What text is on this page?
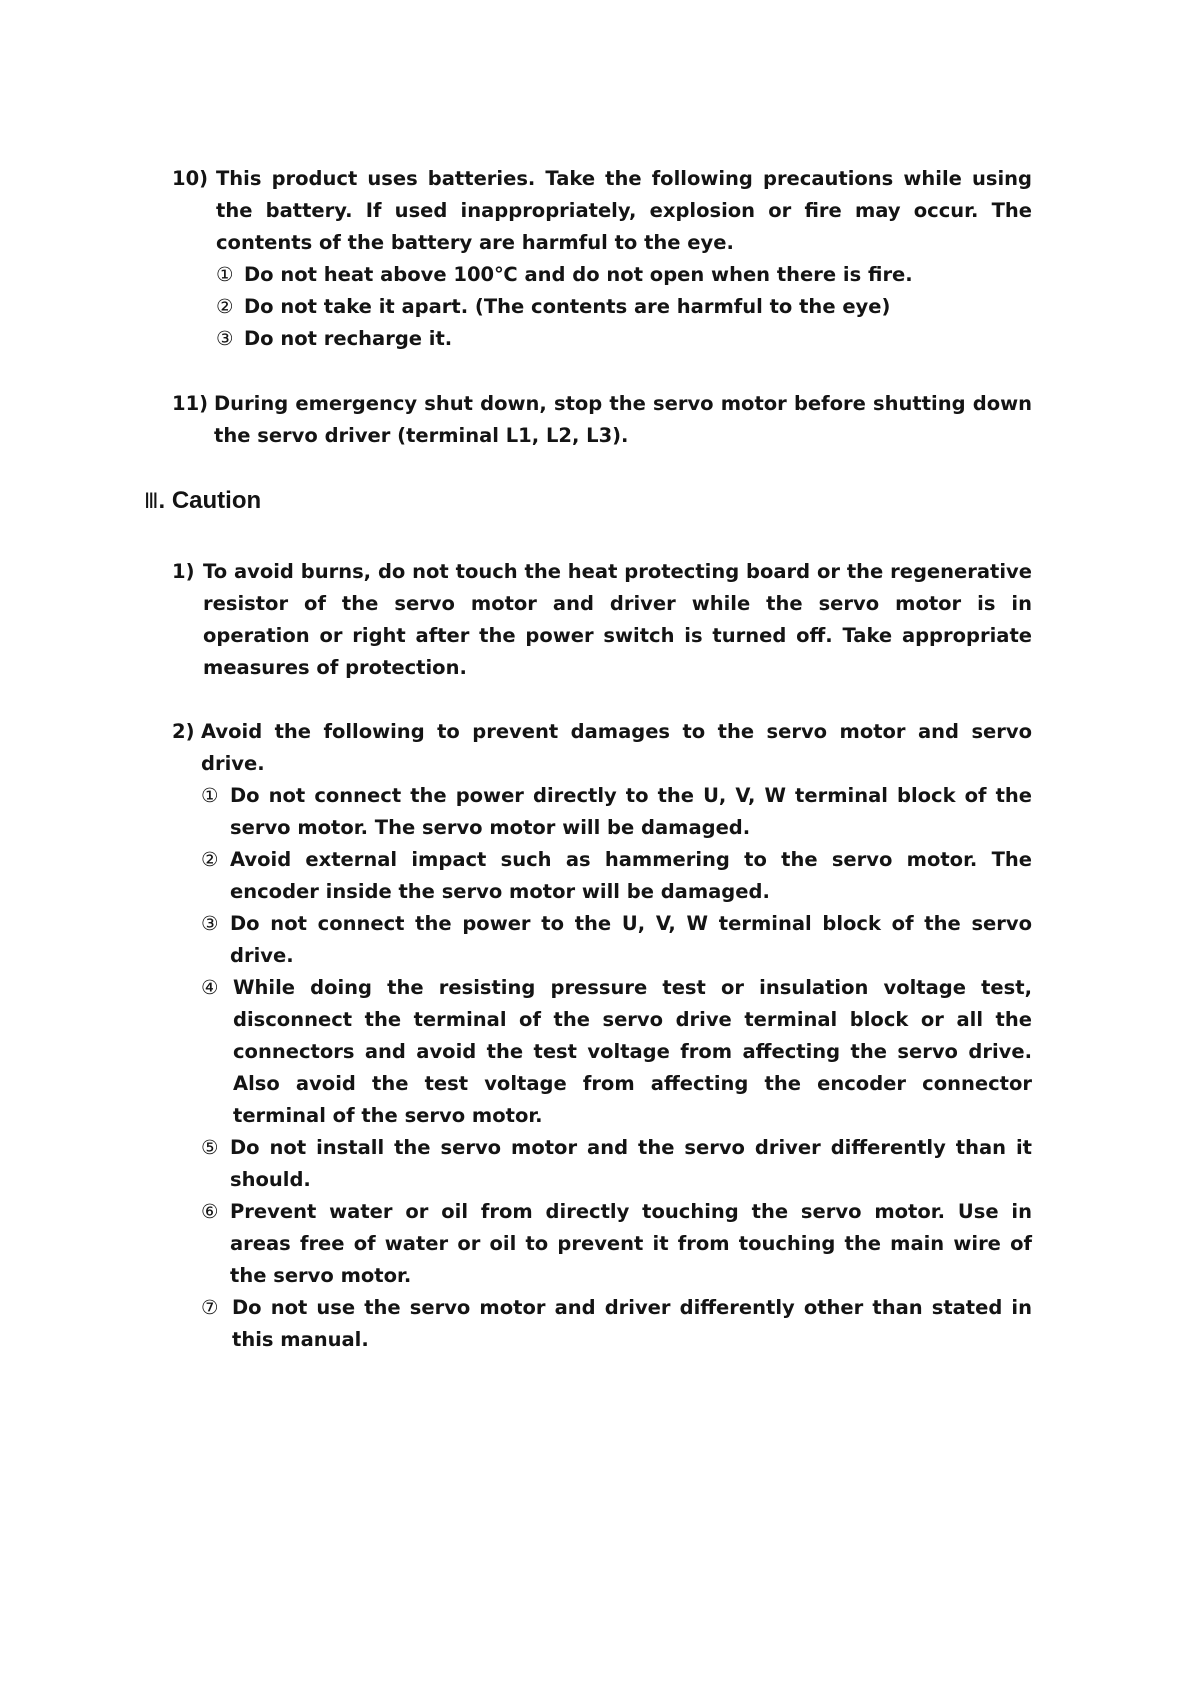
10) This product uses batteries. Take the following precautions while using the battery. If used inappropriately, explosion or fire may occur. The contents of the battery are harmful to the eye.
① Do not heat above 100℃ and do not open when there is fire.
② Do not take it apart. (The contents are harmful to the eye)
③ Do not recharge it.
11) During emergency shut down, stop the servo motor before shutting down the servo driver (terminal L1, L2, L3).
Ⅲ. Caution
1) To avoid burns, do not touch the heat protecting board or the regenerative resistor of the servo motor and driver while the servo motor is in operation or right after the power switch is turned off. Take appropriate measures of protection.
2) Avoid the following to prevent damages to the servo motor and servo drive.
① Do not connect the power directly to the U, V, W terminal block of the servo motor. The servo motor will be damaged.
② Avoid external impact such as hammering to the servo motor. The encoder inside the servo motor will be damaged.
③ Do not connect the power to the U, V, W terminal block of the servo drive.
④ While doing the resisting pressure test or insulation voltage test, disconnect the terminal of the servo drive terminal block or all the connectors and avoid the test voltage from affecting the servo drive. Also avoid the test voltage from affecting the encoder connector terminal of the servo motor.
⑤ Do not install the servo motor and the servo driver differently than it should.
⑥ Prevent water or oil from directly touching the servo motor. Use in areas free of water or oil to prevent it from touching the main wire of the servo motor.
⑦ Do not use the servo motor and driver differently other than stated in this manual.
